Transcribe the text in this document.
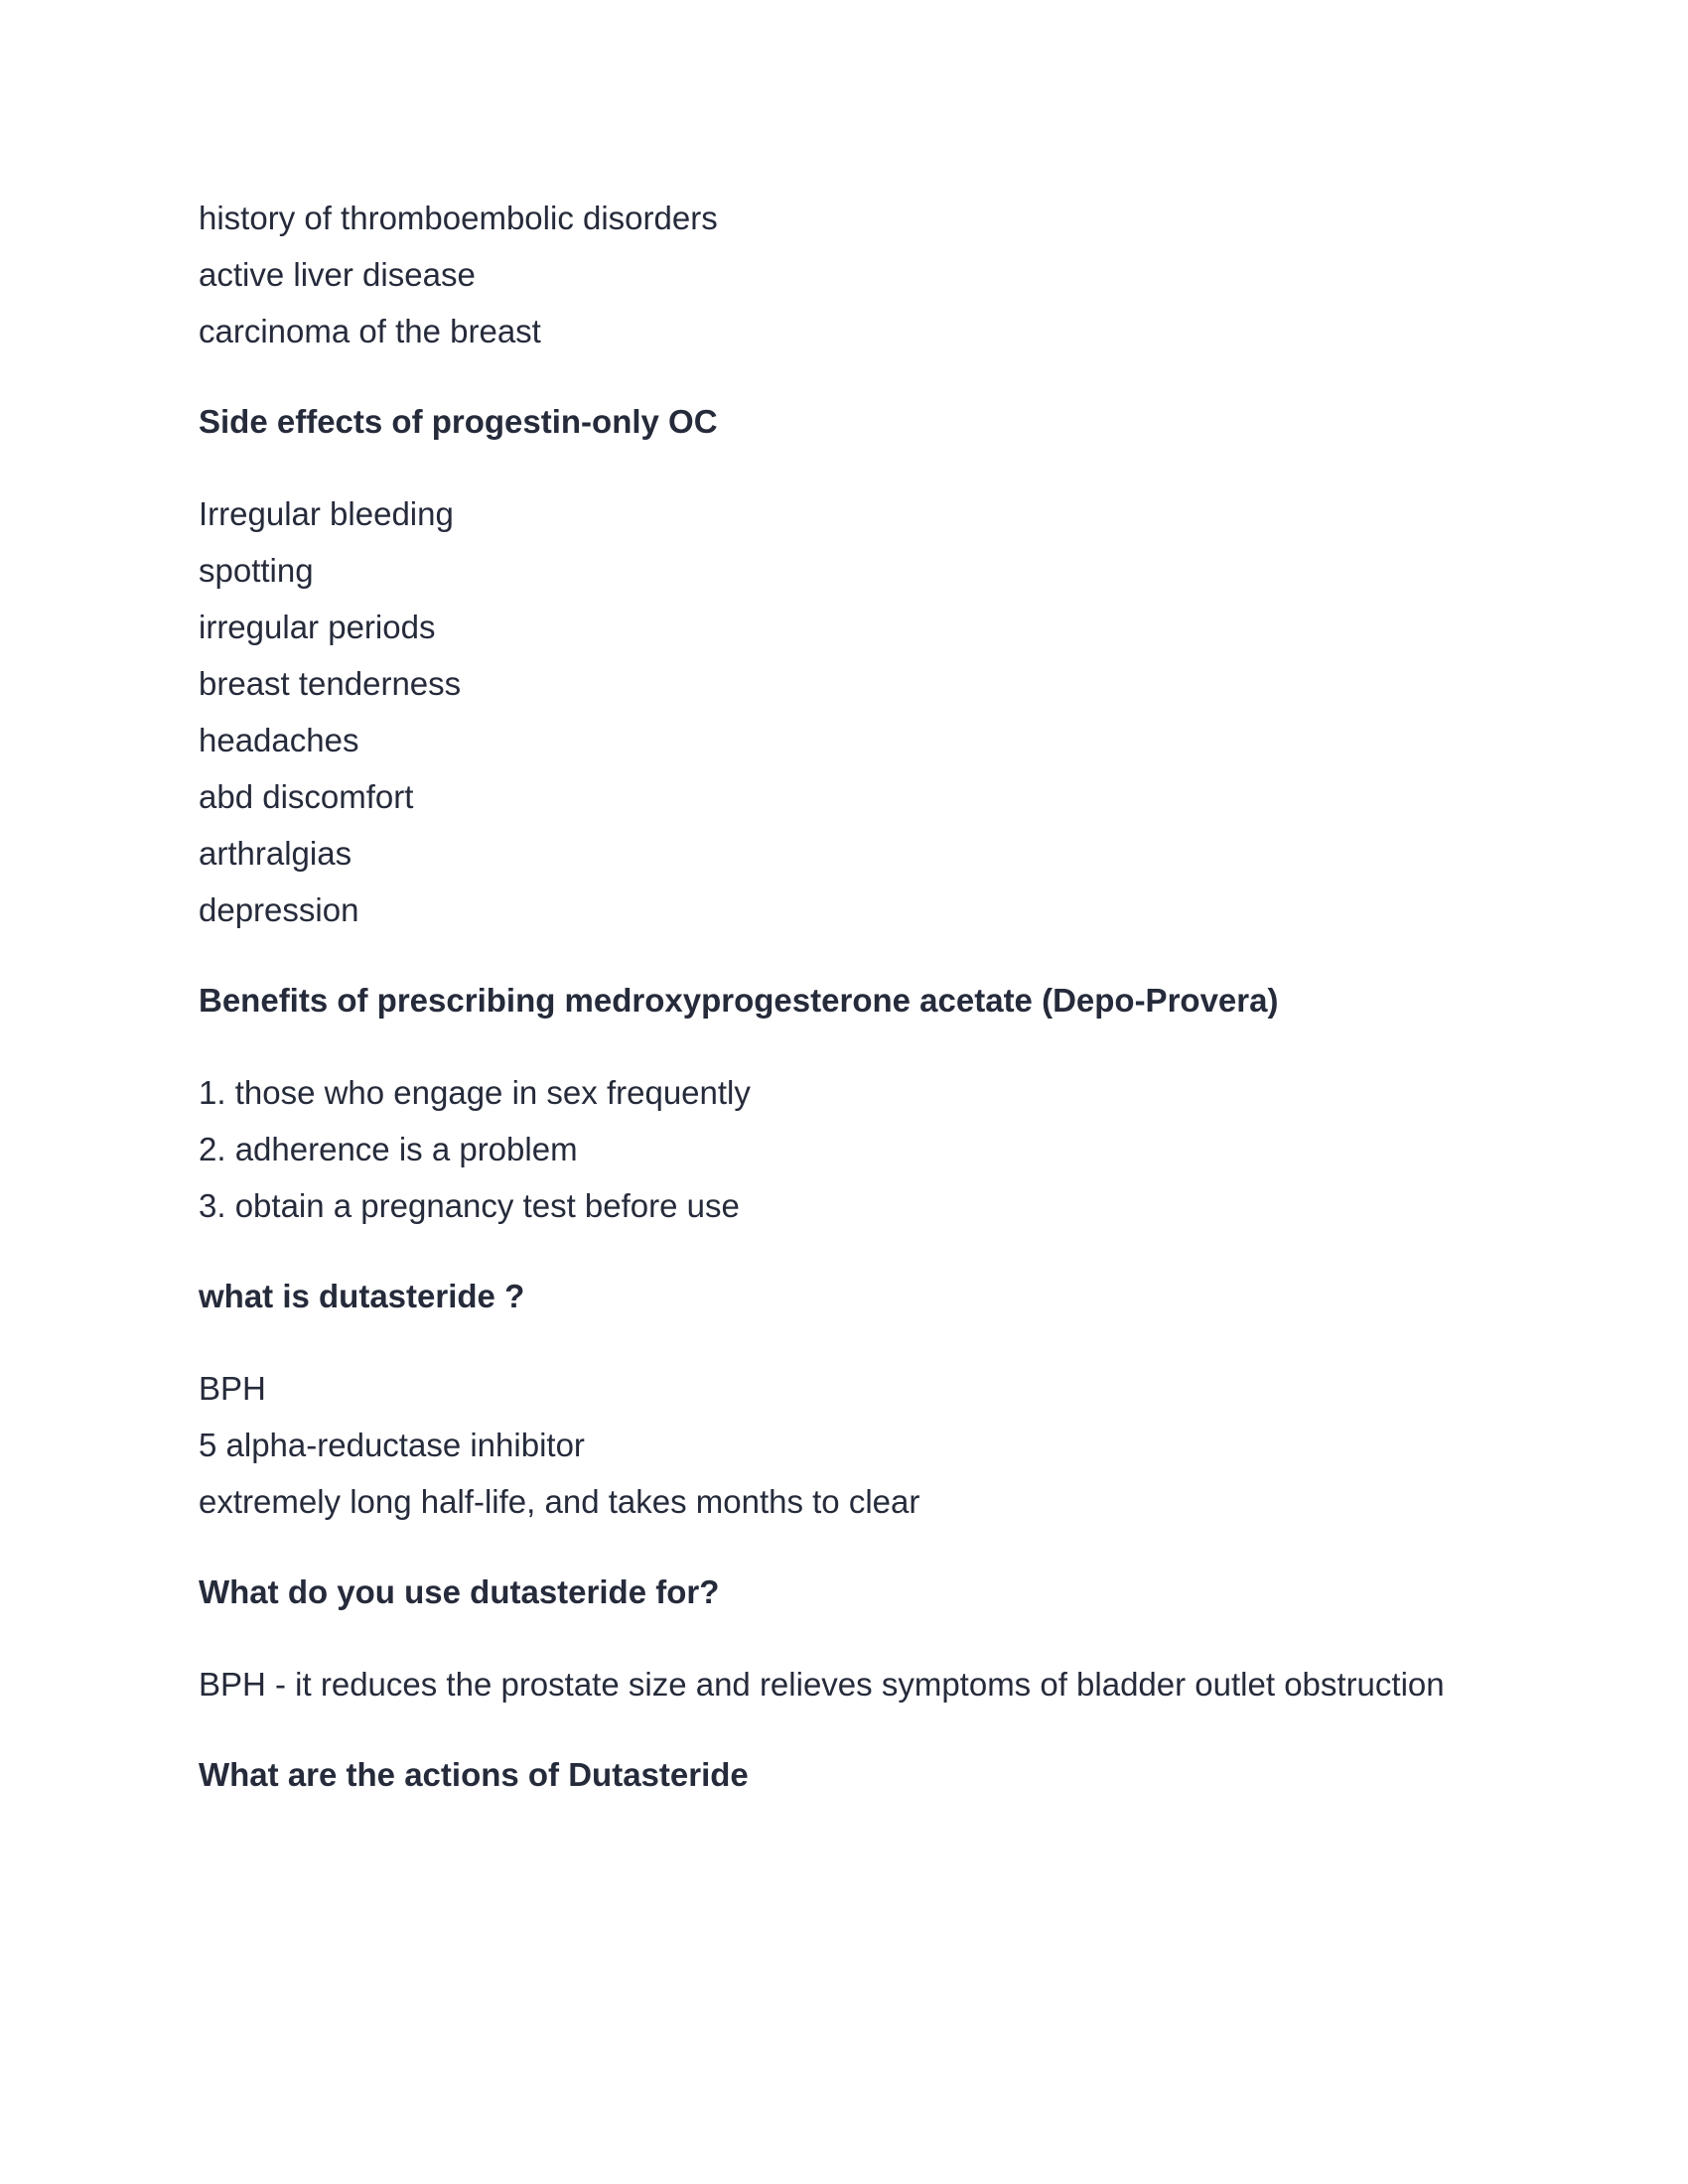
history of thromboembolic disorders

active liver disease

carcinoma of the breast

Side effects of progestin-only OC

Irregular bleeding

spotting

irregular periods

breast tenderness

headaches

abd discomfort

arthralgias

depression

Benefits of prescribing medroxyprogesterone acetate (Depo-Provera)

1. those who engage in sex frequently

2. adherence is a problem

3. obtain a pregnancy test before use

what is dutasteride ?

BPH

5 alpha-reductase inhibitor

extremely long half-life, and takes months to clear

What do you use dutasteride for?

BPH - it reduces the prostate size and relieves symptoms of bladder outlet obstruction

What are the actions of Dutasteride
